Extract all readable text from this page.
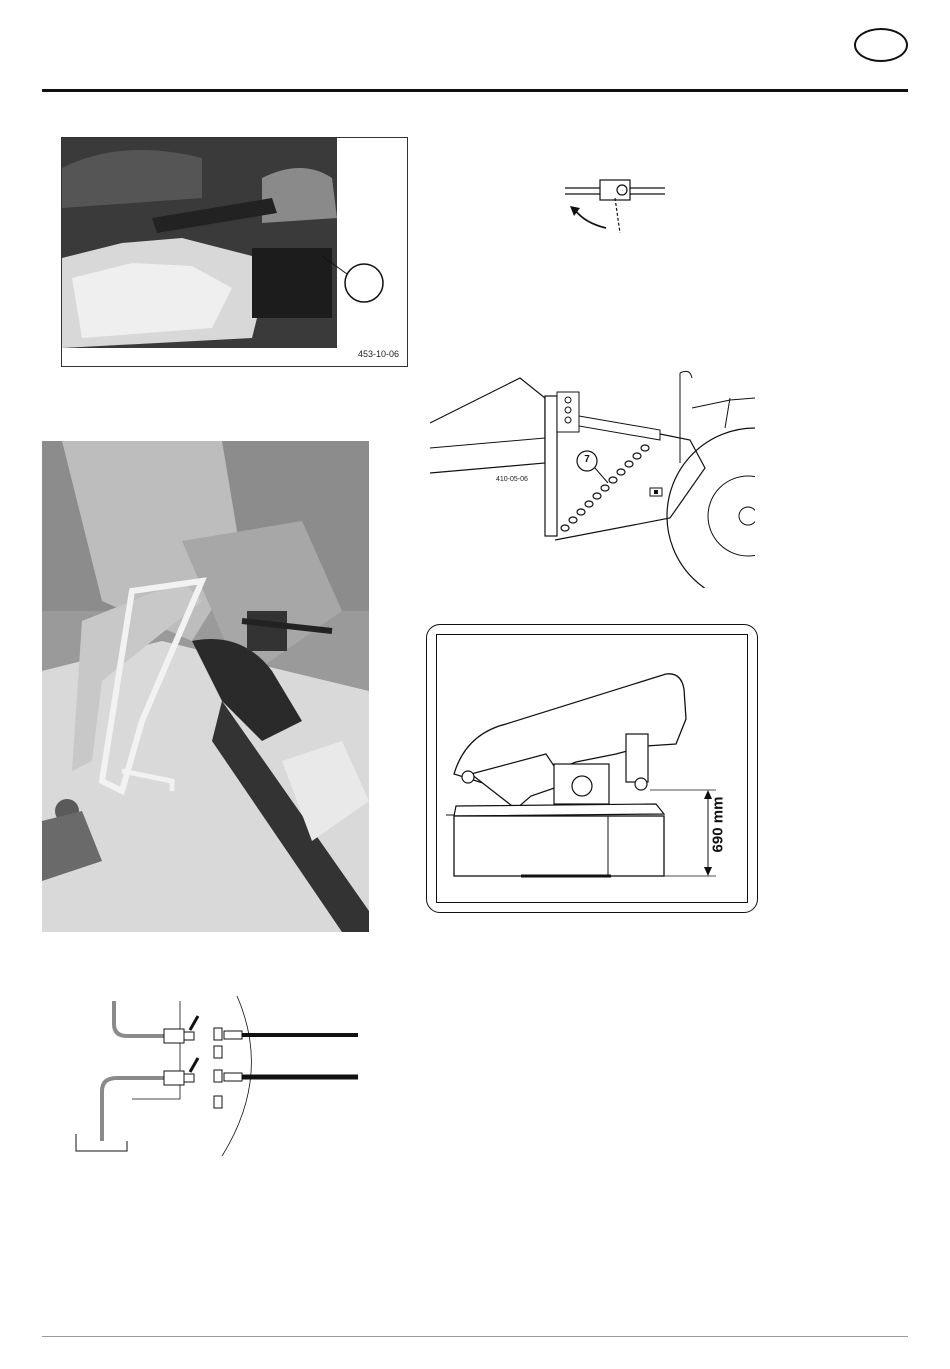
453-10-06
7
410-05-06
690 mm
